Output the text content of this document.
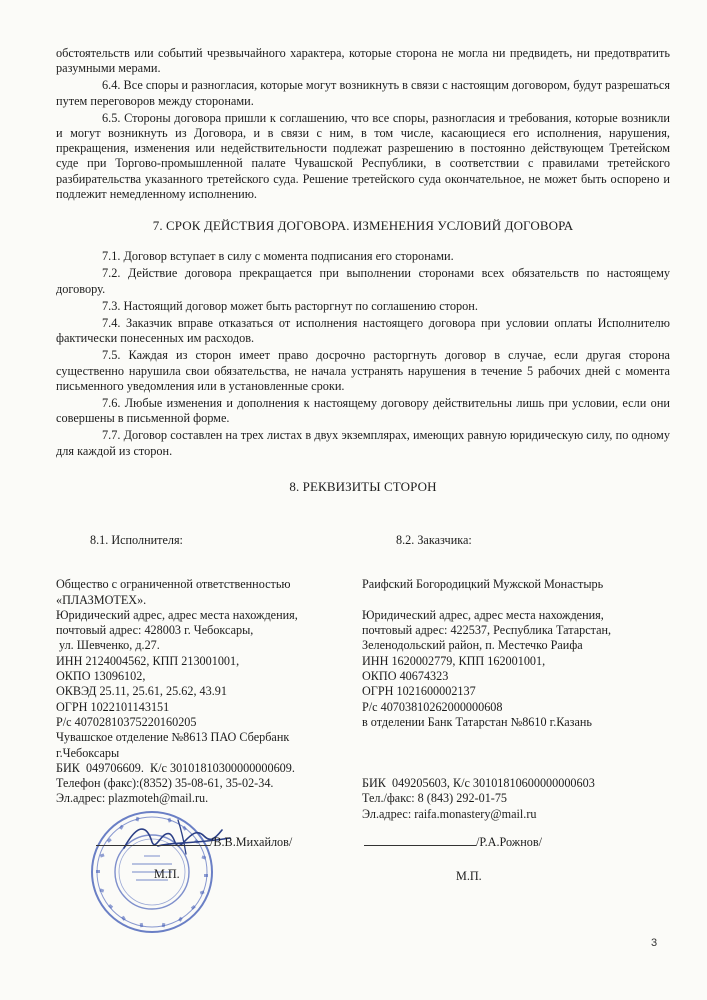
обстоятельств или событий чрезвычайного характера, которые сторона не могла ни предвидеть, ни предотвратить разумными мерами.

6.4. Все споры и разногласия, которые могут возникнуть в связи с настоящим договором, будут разрешаться путем переговоров между сторонами.

6.5. Стороны договора пришли к соглашению, что все споры, разногласия и требования, которые возникли и могут возникнуть из Договора, и в связи с ним, в том числе, касающиеся его исполнения, нарушения, прекращения, изменения или недействительности подлежат разрешению в постоянно действующем Третейском суде при Торгово-промышленной палате Чувашской Республики, в соответствии с правилами третейского разбирательства указанного третейского суда. Решение третейского суда окончательное, не может быть оспорено и подлежит немедленному исполнению.

7. СРОК ДЕЙСТВИЯ ДОГОВОРА. ИЗМЕНЕНИЯ УСЛОВИЙ ДОГОВОРА

7.1. Договор вступает в силу с момента подписания его сторонами.

7.2. Действие договора прекращается при выполнении сторонами всех обязательств по настоящему договору.

7.3. Настоящий договор может быть расторгнут по соглашению сторон.

7.4. Заказчик вправе отказаться от исполнения настоящего договора при условии оплаты Исполнителю фактически понесенных им расходов.

7.5. Каждая из сторон имеет право досрочно расторгнуть договор в случае, если другая сторона существенно нарушила свои обязательства, не начала устранять нарушения в течение 5 рабочих дней с момента письменного уведомления или в установленные сроки.

7.6. Любые изменения и дополнения к настоящему договору действительны лишь при условии, если они совершены в письменной форме.

7.7. Договор составлен на трех листах в двух экземплярах, имеющих равную юридическую силу, по одному для каждой из сторон.

8. РЕКВИЗИТЫ СТОРОН
8.1. Исполнителя:
Общество с ограниченной ответственностью
«ПЛАЗМОТЕХ».
Юридический адрес, адрес места нахождения,
почтовый адрес: 428003 г. Чебоксары,
ул. Шевченко, д.27.
ИНН 2124004562, КПП 213001001,
ОКПО 13096102,
ОКВЭД 25.11, 25.61, 25.62, 43.91
ОГРН 1022101143151
Р/с 40702810375220160205
Чувашское отделение №8613 ПАО Сбербанк
г.Чебоксары
БИК  049706609.  К/с 30101810300000000609.
Телефон (факс):(8352) 35-08-61, 35-02-34.
Эл.адрес: plazmoteh@mail.ru.
8.2. Заказчика:
Раифский Богородицкий Мужской Монастырь
Юридический адрес, адрес места нахождения,
почтовый адрес: 422537, Республика Татарстан,
Зеленодольский район, п. Местечко Раифа
ИНН 1620002779, КПП 162001001,
ОКПО 40674323
ОГРН 1021600002137
Р/с 40703810262000000608
в отделении Банк Татарстан №8610 г.Казань
БИК  049205603, К/с 30101810600000000603
Тел./факс: 8 (843) 292-01-75
Эл.адрес: raifa.monastery@mail.ru
/В.В.Михайлов/
М.П.
/Р.А.Рожнов/
М.П.
3
